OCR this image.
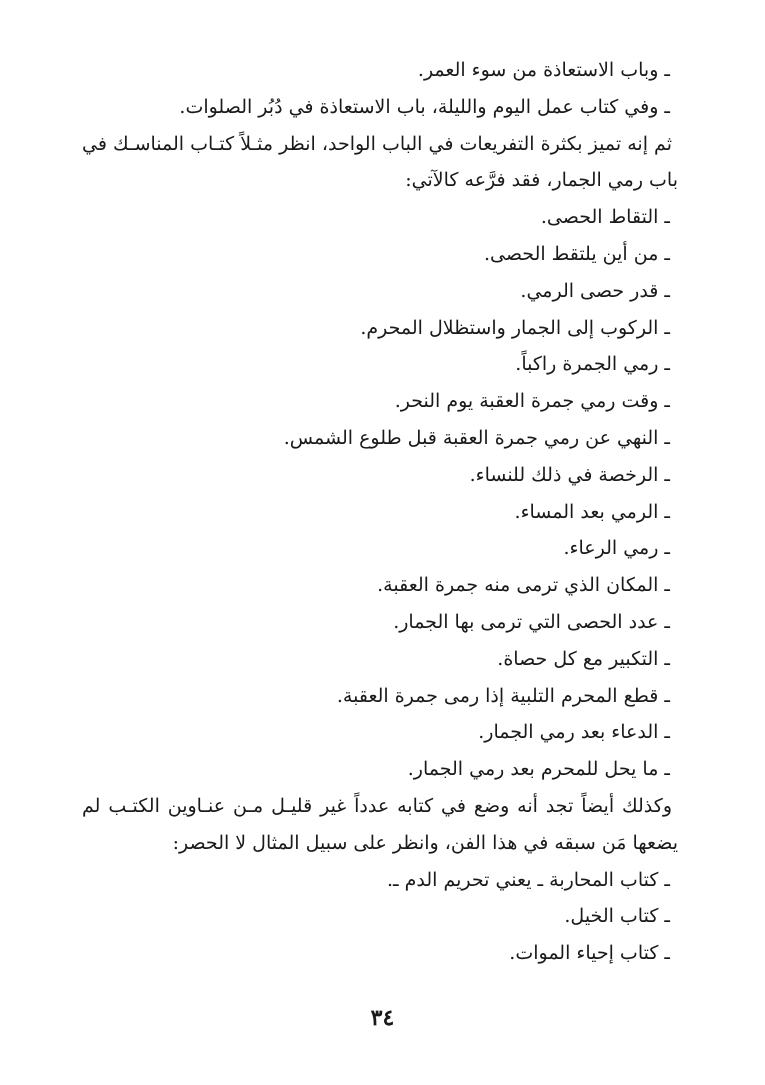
ـ وباب الاستعاذة من سوء العمر.
ـ وفي كتاب عمل اليوم والليلة، باب الاستعاذة في دُبُر الصلوات.
ثم إنه تميز بكثرة التفريعات في الباب الواحد، انظر مثـلاً كتـاب المناسـك في
باب رمي الجمار، فقد فرَّعه كالآتي:
ـ التقاط الحصى.
ـ من أين يلتقط الحصى.
ـ قدر حصى الرمي.
ـ الركوب إلى الجمار واستظلال المحرم.
ـ رمي الجمرة راكباً.
ـ وقت رمي جمرة العقبة يوم النحر.
ـ النهي عن رمي جمرة العقبة قبل طلوع الشمس.
ـ الرخصة في ذلك للنساء.
ـ الرمي بعد المساء.
ـ رمي الرعاء.
ـ المكان الذي ترمى منه جمرة العقبة.
ـ عدد الحصى التي ترمى بها الجمار.
ـ التكبير مع كل حصاة.
ـ قطع المحرم التلبية إذا رمى جمرة العقبة.
ـ الدعاء بعد رمي الجمار.
ـ ما يحل للمحرم بعد رمي الجمار.
وكذلك أيضاً تجد أنه وضع في كتابه عدداً غير قليـل مـن عنـاوين الكتـب لم
يضعها مَن سبقه في هذا الفن، وانظر على سبيل المثال لا الحصر:
ـ كتاب المحاربة ـ يعني تحريم الدم ـ.
ـ كتاب الخيل.
ـ كتاب إحياء الموات.
٣٤
